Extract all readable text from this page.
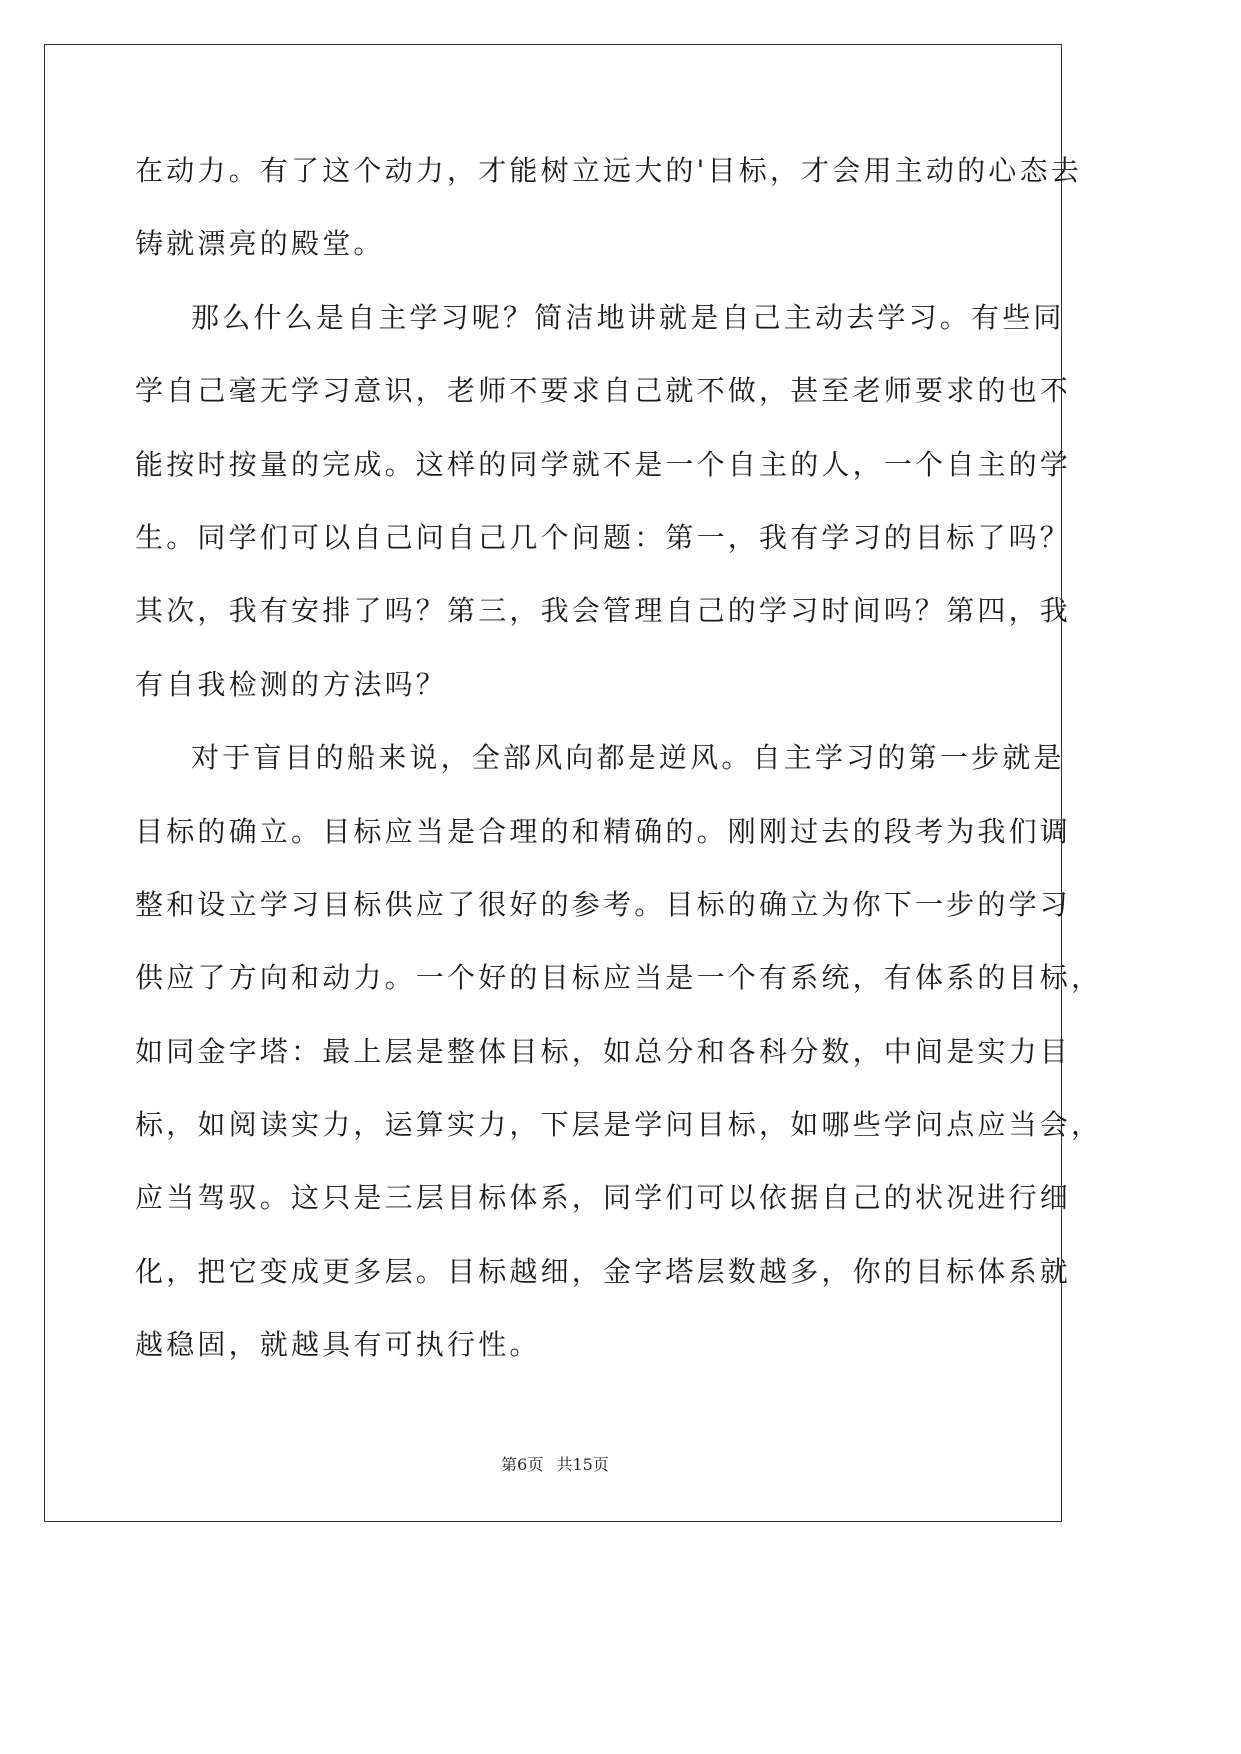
在动力。有了这个动力，才能树立远大的'目标，才会用主动的心态去
铸就漂亮的殿堂。
那么什么是自主学习呢？简洁地讲就是自己主动去学习。有些同
学自己毫无学习意识，老师不要求自己就不做，甚至老师要求的也不
能按时按量的完成。这样的同学就不是一个自主的人，一个自主的学
生。同学们可以自己问自己几个问题：第一，我有学习的目标了吗？
其次，我有安排了吗？第三，我会管理自己的学习时间吗？第四，我
有自我检测的方法吗？
对于盲目的船来说，全部风向都是逆风。自主学习的第一步就是
目标的确立。目标应当是合理的和精确的。刚刚过去的段考为我们调
整和设立学习目标供应了很好的参考。目标的确立为你下一步的学习
供应了方向和动力。一个好的目标应当是一个有系统，有体系的目标，
如同金字塔：最上层是整体目标，如总分和各科分数，中间是实力目
标，如阅读实力，运算实力，下层是学问目标，如哪些学问点应当会，
应当驾驭。这只是三层目标体系，同学们可以依据自己的状况进行细
化，把它变成更多层。目标越细，金字塔层数越多，你的目标体系就
越稳固，就越具有可执行性。
第6页 共15页
